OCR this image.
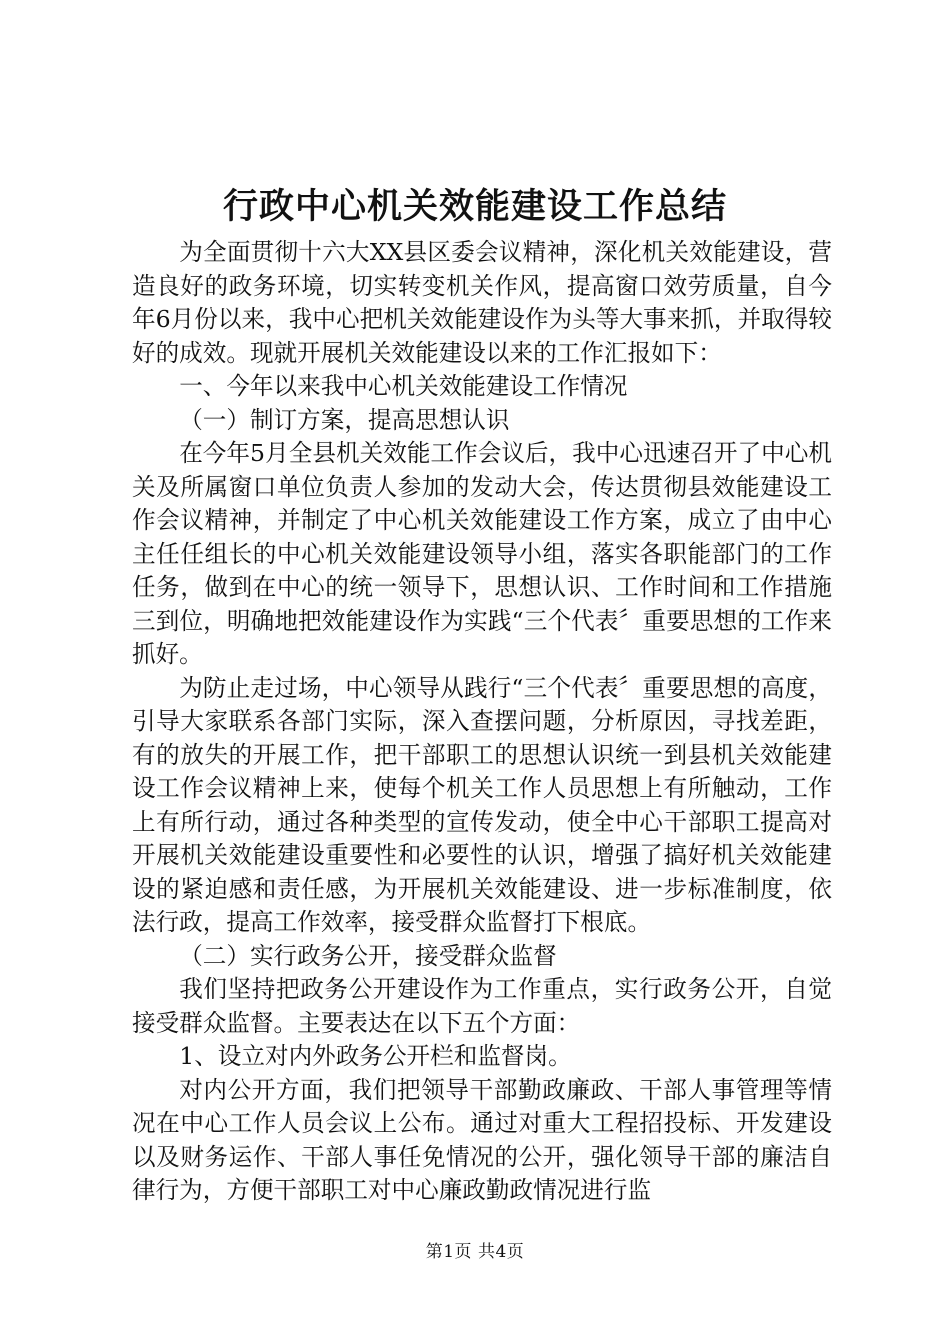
行政中心机关效能建设工作总结

为全面贯彻十六大XX县区委会议精神，深化机关效能建设，营造良好的政务环境，切实转变机关作风，提高窗口效劳质量，自今年6月份以来，我中心把机关效能建设作为头等大事来抓，并取得较好的成效。现就开展机关效能建设以来的工作汇报如下：

一、今年以来我中心机关效能建设工作情况

（一）制订方案，提高思想认识

在今年5月全县机关效能工作会议后，我中心迅速召开了中心机关及所属窗口单位负责人参加的发动大会，传达贯彻县效能建设工作会议精神，并制定了中心机关效能建设工作方案，成立了由中心主任任组长的中心机关效能建设领导小组，落实各职能部门的工作任务，做到在中心的统一领导下，思想认识、工作时间和工作措施三到位，明确地把效能建设作为实践“三个代表〞重要思想的工作来抓好。

为防止走过场，中心领导从践行“三个代表〞重要思想的高度，引导大家联系各部门实际，深入查摆问题，分析原因，寻找差距，有的放失的开展工作，把干部职工的思想认识统一到县机关效能建设工作会议精神上来，使每个机关工作人员思想上有所触动，工作上有所行动，通过各种类型的宣传发动，使全中心干部职工提高对开展机关效能建设重要性和必要性的认识，增强了搞好机关效能建设的紧迫感和责任感，为开展机关效能建设、进一步标准制度，依法行政，提高工作效率，接受群众监督打下根底。

（二）实行政务公开，接受群众监督

我们坚持把政务公开建设作为工作重点，实行政务公开，自觉接受群众监督。主要表达在以下五个方面：

1、设立对内外政务公开栏和监督岗。

对内公开方面，我们把领导干部勤政廉政、干部人事管理等情况在中心工作人员会议上公布。通过对重大工程招投标、开发建设以及财务运作、干部人事任免情况的公开，强化领导干部的廉洁自律行为，方便干部职工对中心廉政勤政情况进行监

第1页 共4页
